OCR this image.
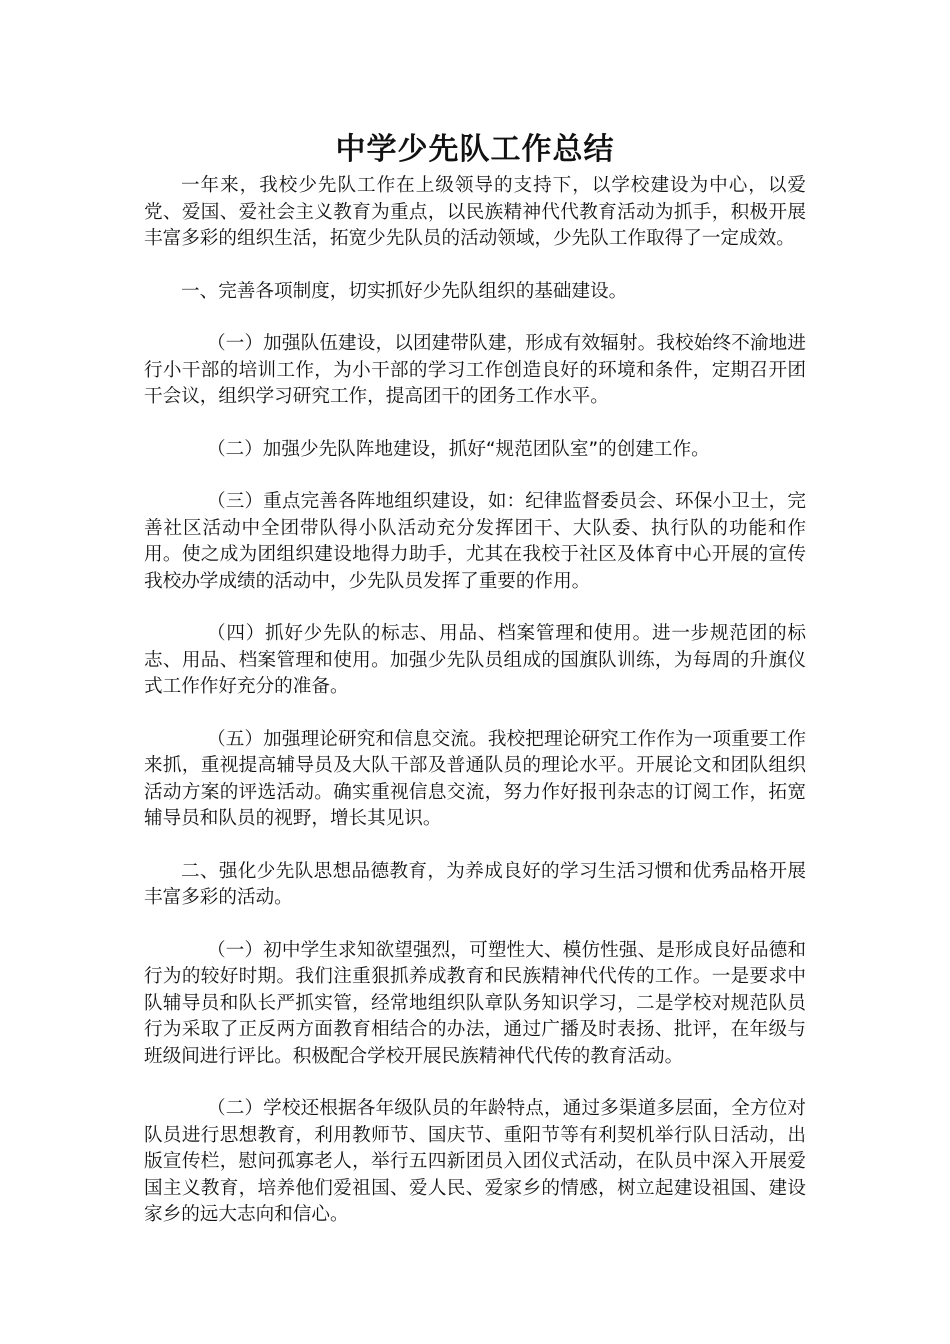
中学少先队工作总结

一年来，我校少先队工作在上级领导的支持下，以学校建设为中心，以爱党、爱国、爱社会主义教育为重点，以民族精神代代教育活动为抓手，积极开展丰富多彩的组织生活，拓宽少先队员的活动领域，少先队工作取得了一定成效。

一、完善各项制度，切实抓好少先队组织的基础建设。

（一）加强队伍建设，以团建带队建，形成有效辐射。我校始终不渝地进行小干部的培训工作，为小干部的学习工作创造良好的环境和条件，定期召开团干会议，组织学习研究工作，提高团干的团务工作水平。

（二）加强少先队阵地建设，抓好“规范团队室”的创建工作。

（三）重点完善各阵地组织建设，如：纪律监督委员会、环保小卫士，完善社区活动中全团带队得小队活动充分发挥团干、大队委、执行队的功能和作用。使之成为团组织建设地得力助手，尤其在我校于社区及体育中心开展的宣传我校办学成绩的活动中，少先队员发挥了重要的作用。

（四）抓好少先队的标志、用品、档案管理和使用。进一步规范团的标志、用品、档案管理和使用。加强少先队员组成的国旗队训练，为每周的升旗仪式工作作好充分的准备。

（五）加强理论研究和信息交流。我校把理论研究工作作为一项重要工作来抓，重视提高辅导员及大队干部及普通队员的理论水平。开展论文和团队组织活动方案的评选活动。确实重视信息交流，努力作好报刊杂志的订阅工作，拓宽辅导员和队员的视野，增长其见识。

二、强化少先队思想品德教育，为养成良好的学习生活习惯和优秀品格开展丰富多彩的活动。

（一）初中学生求知欲望强烈，可塑性大、模仿性强、是形成良好品德和行为的较好时期。我们注重狠抓养成教育和民族精神代代传的工作。一是要求中队辅导员和队长严抓实管，经常地组织队章队务知识学习，二是学校对规范队员行为采取了正反两方面教育相结合的办法，通过广播及时表扬、批评，在年级与班级间进行评比。积极配合学校开展民族精神代代传的教育活动。

（二）学校还根据各年级队员的年龄特点，通过多渠道多层面，全方位对队员进行思想教育，利用教师节、国庆节、重阳节等有利契机举行队日活动，出版宣传栏，慰问孤寡老人，举行五四新团员入团仪式活动，在队员中深入开展爱国主义教育，培养他们爱祖国、爱人民、爱家乡的情感，树立起建设祖国、建设家乡的远大志向和信心。
